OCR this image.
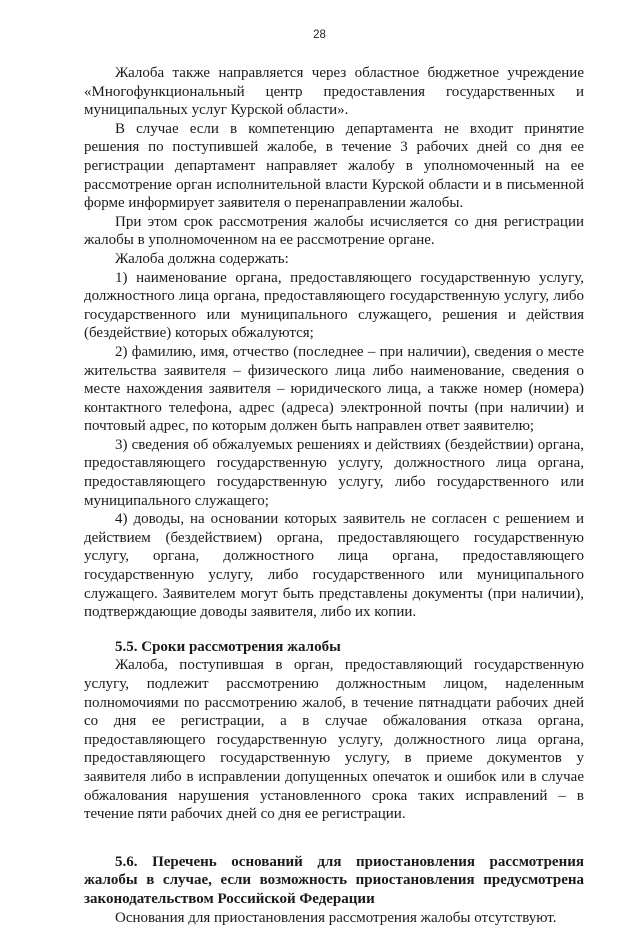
28

Жалоба также направляется через областное бюджетное учреждение «Многофункциональный центр предоставления государственных и муниципальных услуг Курской области».

В случае если в компетенцию департамента не входит принятие решения по поступившей жалобе, в течение 3 рабочих дней со дня ее регистрации департамент направляет жалобу в уполномоченный на ее рассмотрение орган исполнительной власти Курской области и в письменной форме информирует заявителя о перенаправлении жалобы.

При этом срок рассмотрения жалобы исчисляется со дня регистрации жалобы в уполномоченном на ее рассмотрение органе.

Жалоба должна содержать:

1) наименование органа, предоставляющего государственную услугу, должностного лица органа, предоставляющего государственную услугу, либо государственного или муниципального служащего, решения и действия (бездействие) которых обжалуются;

2) фамилию, имя, отчество (последнее – при наличии), сведения о месте жительства заявителя – физического лица либо наименование, сведения о месте нахождения заявителя – юридического лица, а также номер (номера) контактного телефона, адрес (адреса) электронной почты (при наличии) и почтовый адрес, по которым должен быть направлен ответ заявителю;

3) сведения об обжалуемых решениях и действиях (бездействии) органа, предоставляющего государственную услугу, должностного лица органа, предоставляющего государственную услугу, либо государственного или муниципального служащего;

4) доводы, на основании которых заявитель не согласен с решением и действием (бездействием) органа, предоставляющего государственную услугу, органа, должностного лица органа, предоставляющего государственную услугу, либо государственного или муниципального служащего. Заявителем могут быть представлены документы (при наличии), подтверждающие доводы заявителя, либо их копии.

5.5. Сроки рассмотрения жалобы

Жалоба, поступившая в орган, предоставляющий государственную услугу, подлежит рассмотрению должностным лицом, наделенным полномочиями по рассмотрению жалоб, в течение пятнадцати рабочих дней со дня ее регистрации, а в случае обжалования отказа органа, предоставляющего государственную услугу, должностного лица органа, предоставляющего государственную услугу, в приеме документов у заявителя либо в исправлении допущенных опечаток и ошибок или в случае обжалования нарушения установленного срока таких исправлений – в течение пяти рабочих дней со дня ее регистрации.

5.6. Перечень оснований для приостановления рассмотрения жалобы в случае, если возможность приостановления предусмотрена законодательством Российской Федерации

Основания для приостановления рассмотрения жалобы отсутствуют.
